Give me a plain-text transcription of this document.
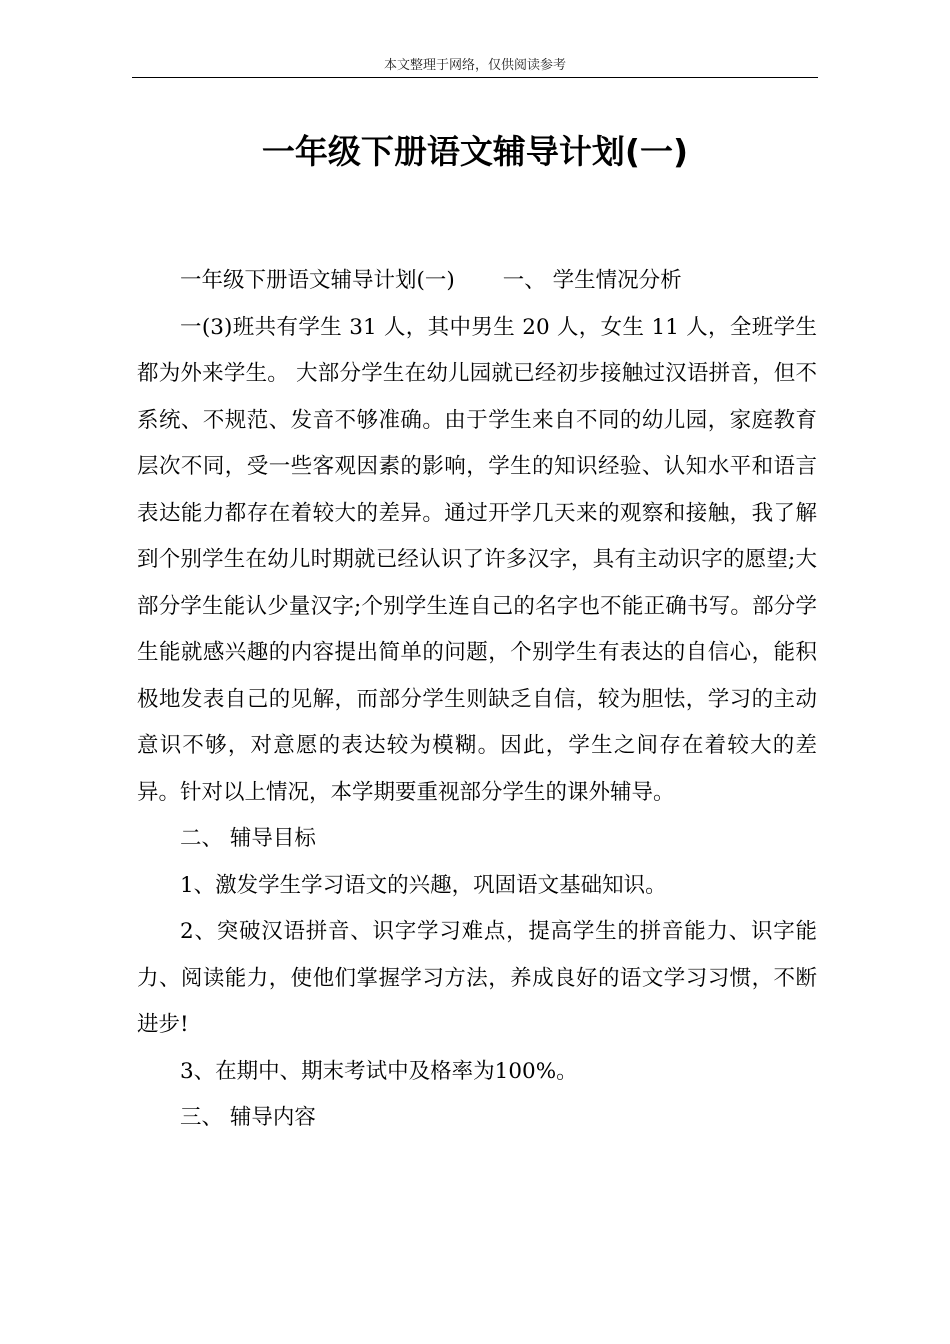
本文整理于网络，仅供阅读参考
一年级下册语文辅导计划(一)

一年级下册语文辅导计划(一) 一、 学生情况分析

一(3)班共有学生 31 人，其中男生 20 人，女生 11 人，全班学生都为外来学生。 大部分学生在幼儿园就已经初步接触过汉语拼音，但不系统、不规范、发音不够准确。由于学生来自不同的幼儿园，家庭教育层次不同，受一些客观因素的影响，学生的知识经验、认知水平和语言表达能力都存在着较大的差异。通过开学几天来的观察和接触，我了解到个别学生在幼儿时期就已经认识了许多汉字，具有主动识字的愿望;大部分学生能认少量汉字;个别学生连自己的名字也不能正确书写。部分学生能就感兴趣的内容提出简单的问题，个别学生有表达的自信心，能积极地发表自己的见解，而部分学生则缺乏自信，较为胆怯，学习的主动意识不够，对意愿的表达较为模糊。因此，学生之间存在着较大的差异。针对以上情况，本学期要重视部分学生的课外辅导。

二、 辅导目标

1、激发学生学习语文的兴趣，巩固语文基础知识。

2、突破汉语拼音、识字学习难点，提高学生的拼音能力、识字能力、阅读能力，使他们掌握学习方法，养成良好的语文学习习惯，不断进步!

3、在期中、期末考试中及格率为100%。

三、 辅导内容
